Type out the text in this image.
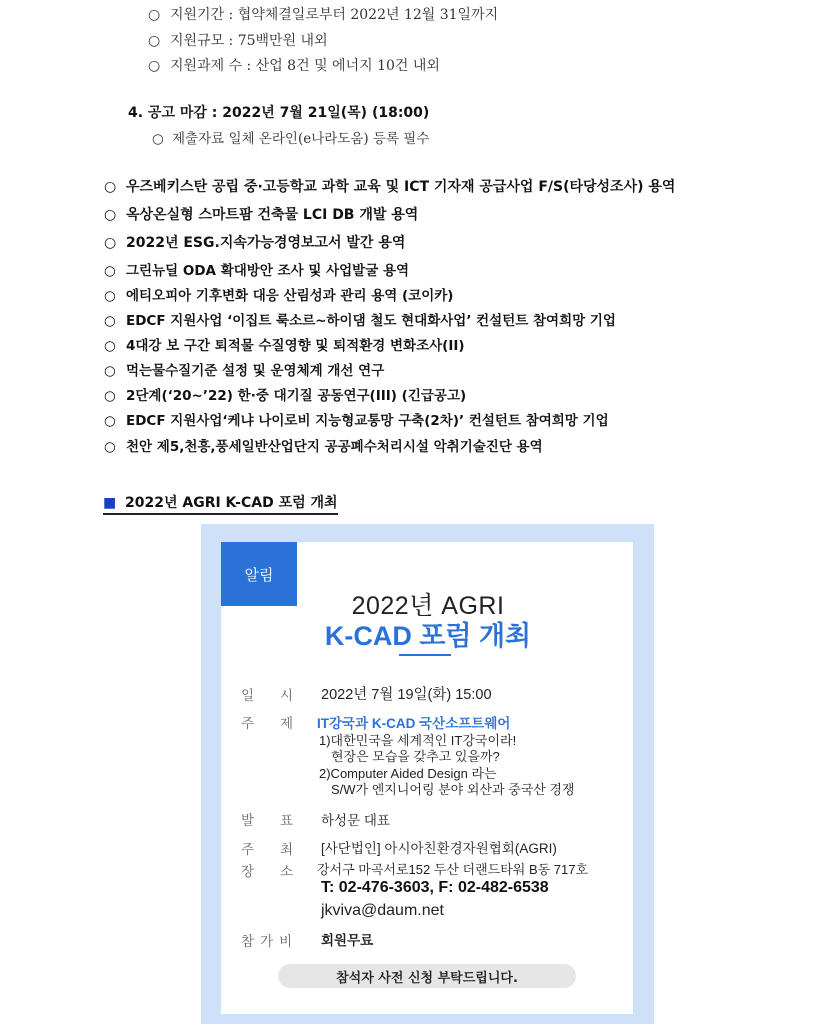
○ 지원기간 : 협약체결일로부터 2022년 12월 31일까지
○ 지원규모 : 75백만원 내외
○ 지원과제 수 : 산업 8건 및 에너지 10건 내외
4. 공고 마감 : 2022년 7월 21일(목) (18:00)
○ 제출자료 일체 온라인(e나라도움) 등록 필수
○ 우즈베키스탄 공립 중·고등학교 과학 교육 및 ICT 기자재 공급사업 F/S(타당성조사) 용역
○ 옥상온실형 스마트팜 건축물 LCI DB 개발 용역
○ 2022년 ESG.지속가능경영보고서 발간 용역
○ 그린뉴딜 ODA 확대방안 조사 및 사업발굴 용역
○ 에티오피아 기후변화 대응 산림성과 관리 용역 (코이카)
○ EDCF 지원사업 ‘이집트 룩소르~하이댐 철도 현대화사업’ 컨설턴트 참여희망 기업
○ 4대강 보 구간 퇴적물 수질영향 및 퇴적환경 변화조사(II)
○ 먹는물수질기준 설정 및 운영체계 개선 연구
○ 2단계(‘20~’22) 한·중 대기질 공동연구(III) (긴급공고)
○ EDCF 지원사업‘케냐 나이로비 지능형교통망 구축(2차)’ 컨설턴트 참여희망 기업
○ 천안 제5,천흥,풍세일반산업단지 공공폐수처리시설 악취기술진단 용역
■ 2022년 AGRI K-CAD 포럼 개최
알림
2022년 AGRI
K-CAD 포럼 개최
일 시 2022년 7월 19일(화) 15:00
주 제 IT강국과 K-CAD 국산소프트웨어
1)대한민국을 세계적인 IT강국이라!
현장은 모습을 갖추고 있을까?
2)Computer Aided Design 라는
S/W가 엔지니어링 분야 외산과 중국산 경쟁
발 표 하성문 대표
주 최 [사단법인] 아시아친환경자원협회(AGRI)
장 소 강서구 마곡서로152 두산 더랜드타워 B동 717호
T: 02-476-3603, F: 02-482-6538
jkviva@daum.net
참 가 비 회원무료
참석자 사전 신청 부탁드립니다.
